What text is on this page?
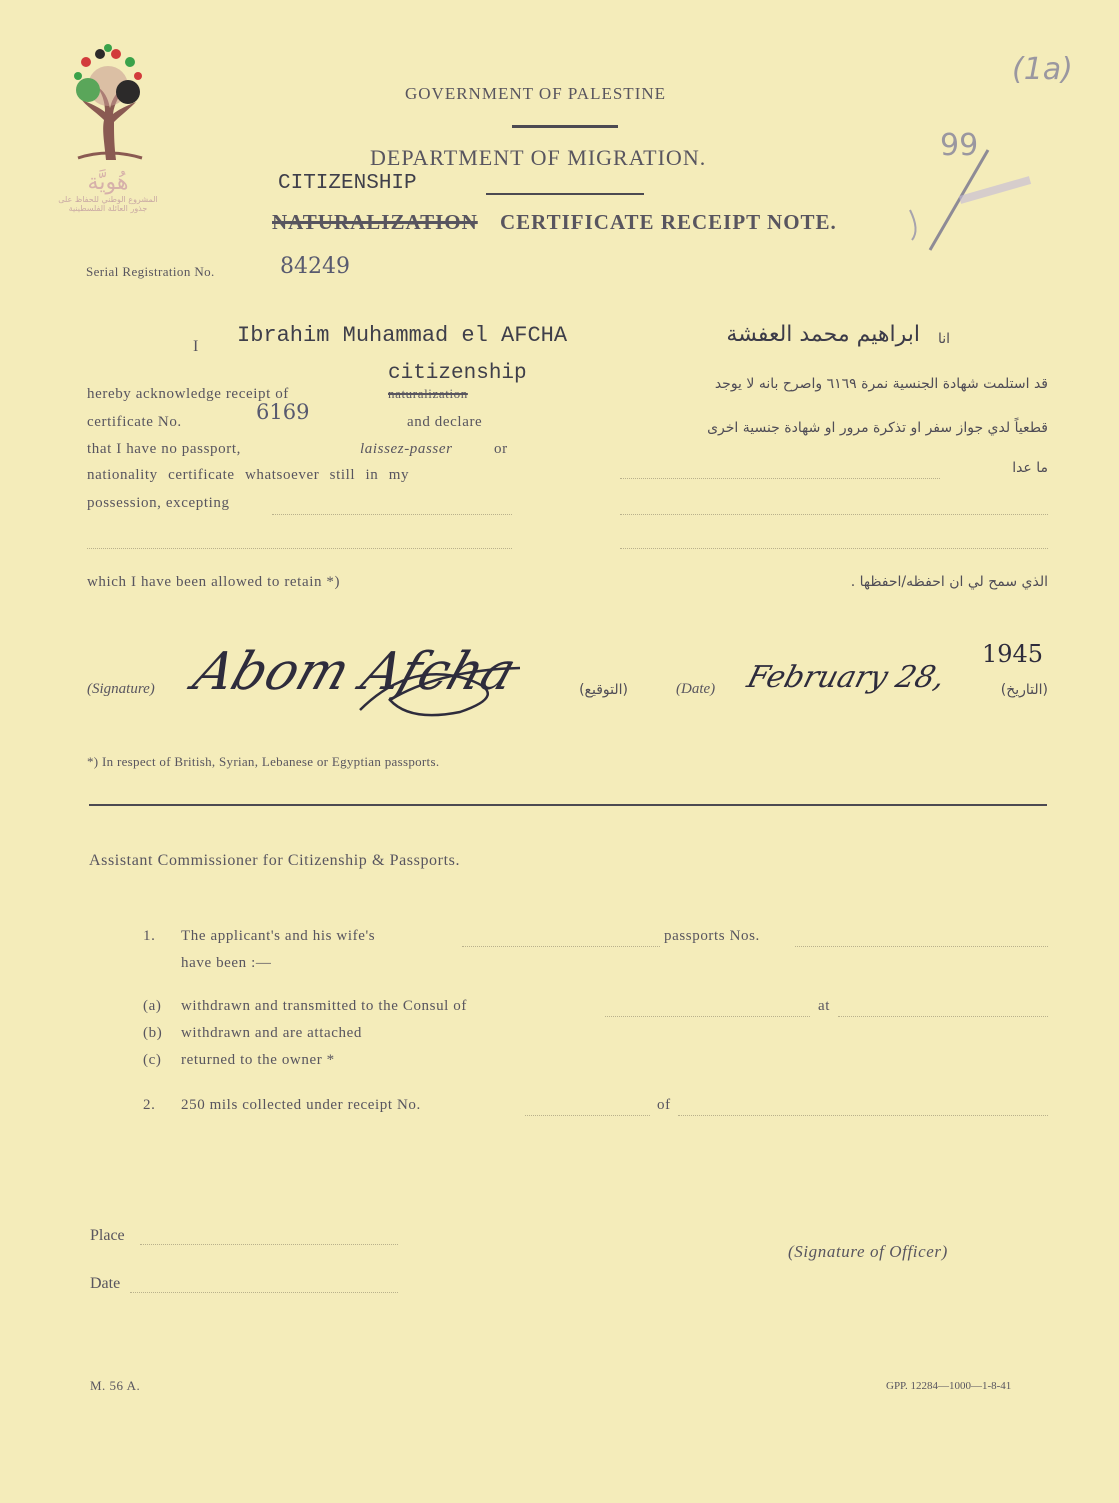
هُويَّة
المشروع الوطني للحفاظ على
جذور العائلة الفلسطينية
GOVERNMENT OF PALESTINE
DEPARTMENT OF MIGRATION.
CITIZENSHIP
NATURALIZATION CERTIFICATE RECEIPT NOTE.
(1a)
99
Serial Registration No.	84249
I Ibrahim Muhammad el AFCHA	ابراهيم محمد العفشة	انا
citizenship
hereby acknowledge receipt of	naturalization
certificate No.	6169	and declare
that I have no passport,	laissez-passer	or
nationality certificate whatsoever still in my
possession, excepting
which I have been allowed to retain *)
قد استلمت شهادة الجنسية نمرة ٦١٦٩ واصرح بانه لا يوجد
قطعياً لدي جواز سفر او تذكرة مرور او شهادة جنسية اخرى
ما عدا
الذي سمح لي ان احفظه/احفظها .
(Signature) Abom Afcha	(التوقيع)	(Date) February 28,
1945
(التاريخ)
*) In respect of British, Syrian, Lebanese or Egyptian passports.
Assistant Commissioner for Citizenship & Passports.
1. The applicant's and his wife's	passports Nos.
have been :—
(a) withdrawn and transmitted to the Consul of	at
(b) withdrawn and are attached
(c) returned to the owner *
2. 250 mils collected under receipt No.	of
Place
(Signature of Officer)
Date
M. 56 A.	GPP. 12284—1000—1-8-41
